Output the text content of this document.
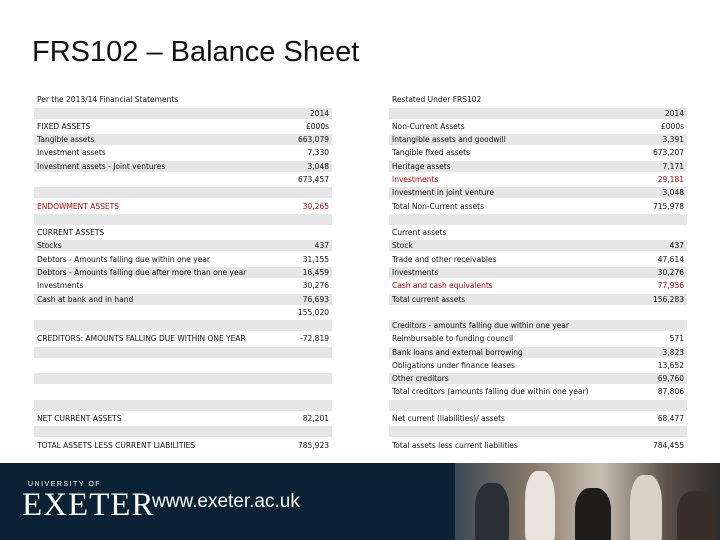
FRS102 – Balance Sheet
Per the 2013/14 Financial Statements
2014
FIXED ASSETS	£000s
Tangible assets	663,079
Investment assets	7,330
Investment assets - Joint ventures	3,048
673,457
ENDOWMENT ASSETS	30,265
CURRENT ASSETS
Stocks	437
Debtors - Amounts falling due within one year	31,155
Debtors - Amounts falling due after more than one year	16,459
Investments	30,276
Cash at bank and in hand	76,693
155,020
CREDITORS: AMOUNTS FALLING DUE WITHIN ONE YEAR	-72,819
NET CURRENT ASSETS	82,201
TOTAL ASSETS LESS CURRENT LIABILITIES	785,923
Restated Under FRS102
2014
Non-Current Assets	£000s
Intangible assets and goodwill	3,391
Tangible fixed assets	673,207
Heritage assets	7,171
Investments	29,181
Investment in joint venture	3,048
Total Non-Current assets	715,978
Current assets
Stock	437
Trade and other receivables	47,614
Investments	30,276
Cash and cash equivalents	77,956
Total current assets	156,283
Creditors - amounts falling due within one year
Reimbursable to funding council	571
Bank loans and external borrowing	3,823
Obligations under finance leases	13,652
Other creditors	69,760
Total creditors (amounts falling due within one year)	87,806
Net current (liabilities)/ assets	68,477
Total assets less current liabilities	784,455
UNIVERSITY OF
EXETER
www.exeter.ac.uk
